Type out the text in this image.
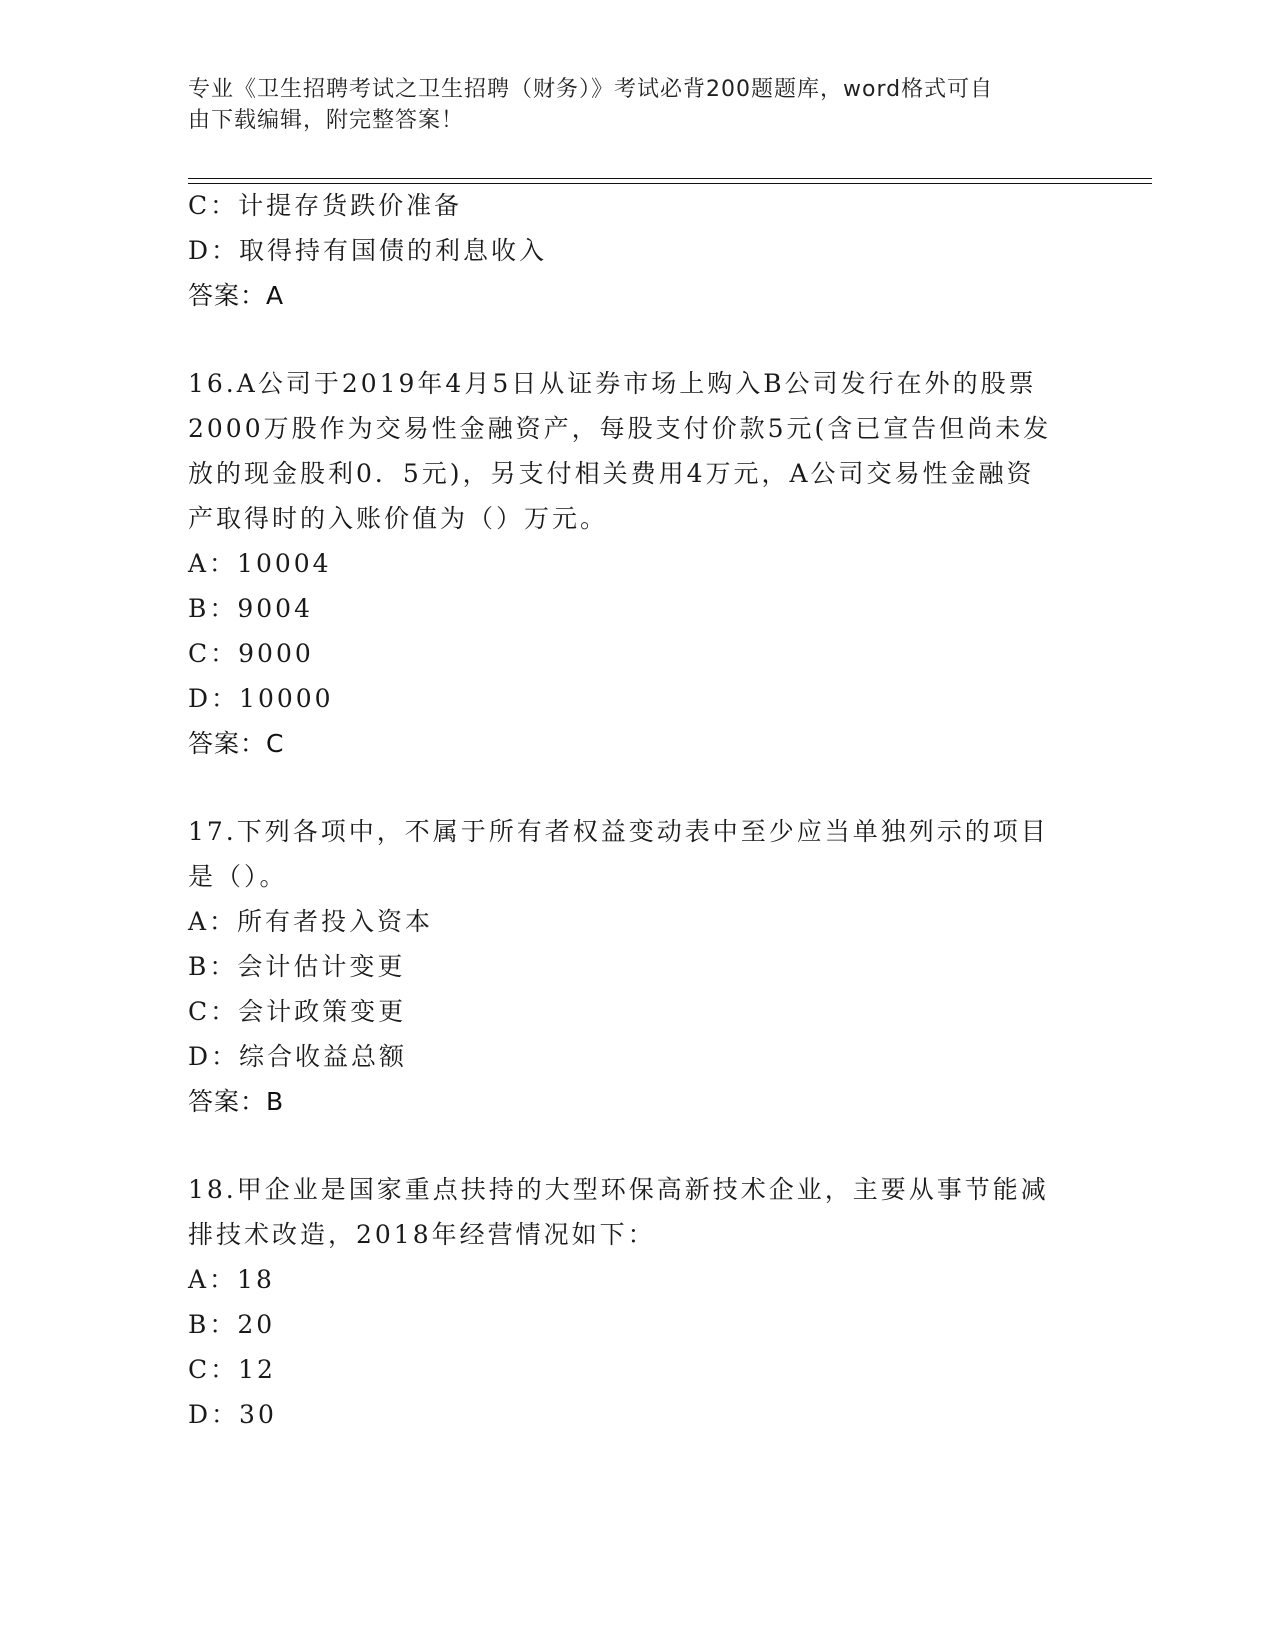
专业《卫生招聘考试之卫生招聘（财务）》考试必背200题题库，word格式可自
由下载编辑，附完整答案！
C：计提存货跌价准备
D：取得持有国债的利息收入
答案：A
16.A公司于2019年4月5日从证券市场上购入B公司发行在外的股票
2000万股作为交易性金融资产，每股支付价款5元(含已宣告但尚未发
放的现金股利0．5元)，另支付相关费用4万元，A公司交易性金融资
产取得时的入账价值为（）万元。
A：10004
B：9004
C：9000
D：10000
答案：C
17.下列各项中，不属于所有者权益变动表中至少应当单独列示的项目
是（）。
A：所有者投入资本
B：会计估计变更
C：会计政策变更
D：综合收益总额
答案：B
18.甲企业是国家重点扶持的大型环保高新技术企业，主要从事节能减
排技术改造，2018年经营情况如下：
A：18
B：20
C：12
D：30
